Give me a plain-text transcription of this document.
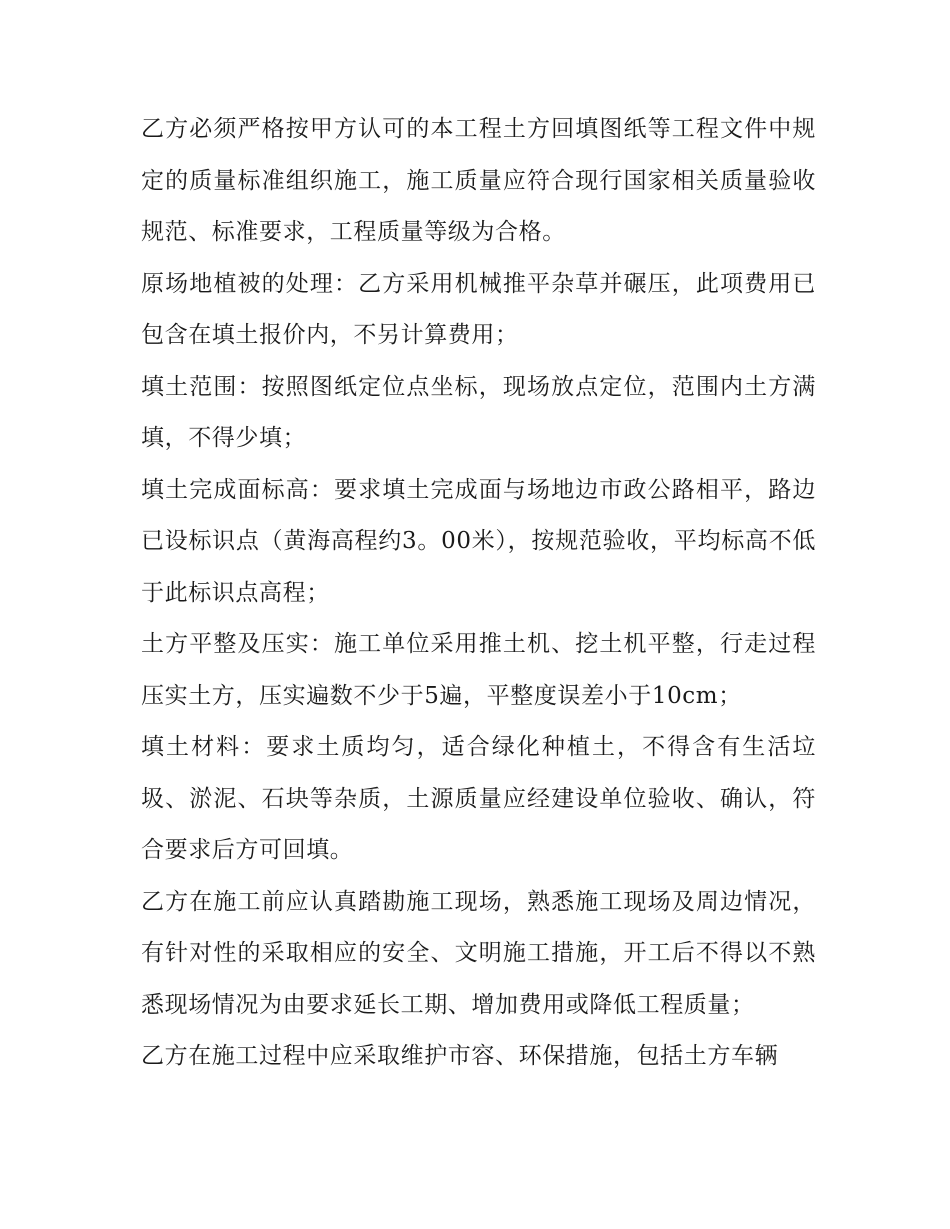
乙方必须严格按甲方认可的本工程土方回填图纸等工程文件中规定的质量标准组织施工，施工质量应符合现行国家相关质量验收规范、标准要求，工程质量等级为合格。

原场地植被的处理：乙方采用机械推平杂草并碾压，此项费用已包含在填土报价内，不另计算费用；

填土范围：按照图纸定位点坐标，现场放点定位，范围内土方满填，不得少填；

填土完成面标高：要求填土完成面与场地边市政公路相平，路边已设标识点（黄海高程约3。00米），按规范验收，平均标高不低于此标识点高程；

土方平整及压实：施工单位采用推土机、挖土机平整，行走过程压实土方，压实遍数不少于5遍，平整度误差小于10cm；

填土材料：要求土质均匀，适合绿化种植土，不得含有生活垃圾、淤泥、石块等杂质，土源质量应经建设单位验收、确认，符合要求后方可回填。

乙方在施工前应认真踏勘施工现场，熟悉施工现场及周边情况，有针对性的采取相应的安全、文明施工措施，开工后不得以不熟悉现场情况为由要求延长工期、增加费用或降低工程质量；

乙方在施工过程中应采取维护市容、环保措施，包括土方车辆
